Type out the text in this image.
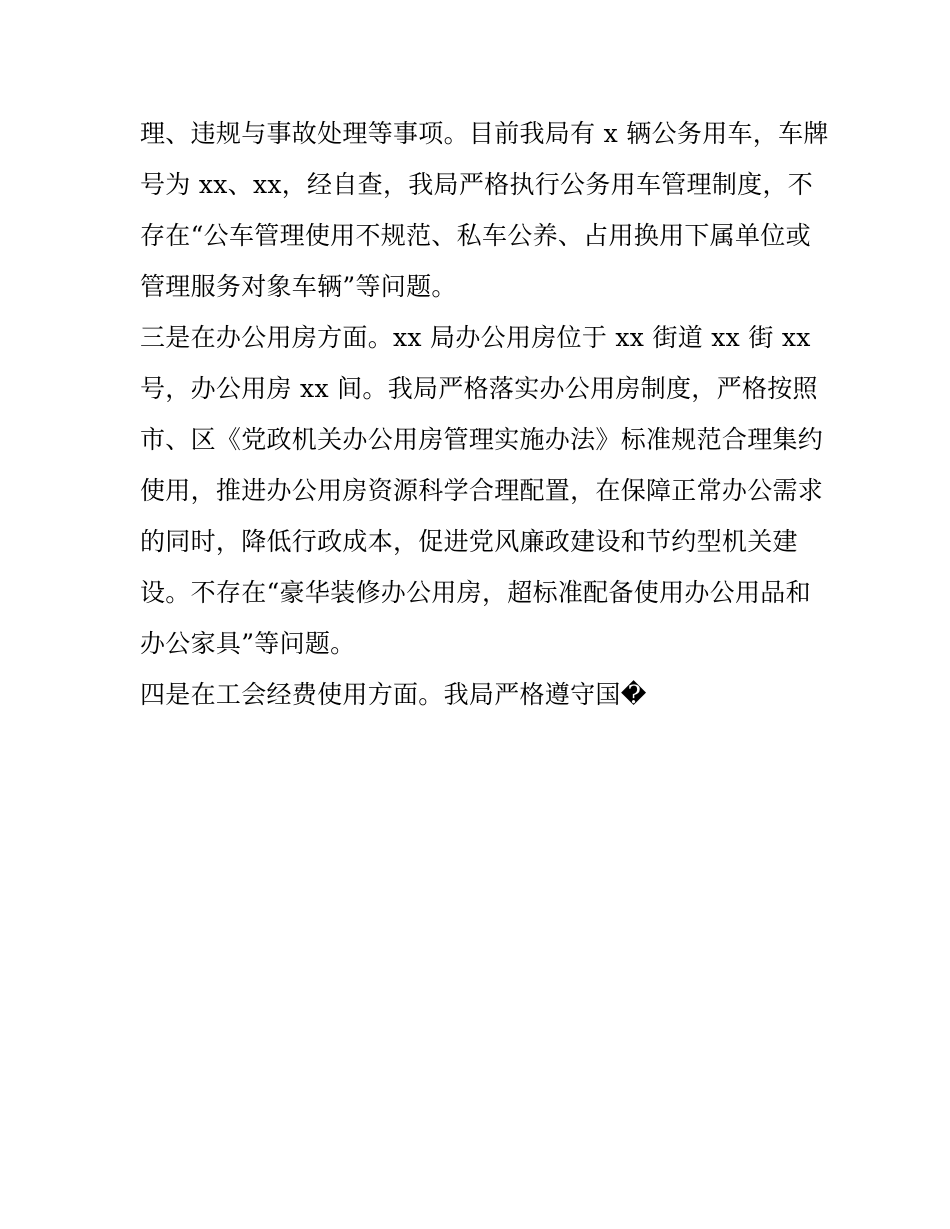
理、违规与事故处理等事项。目前我局有 x 辆公务用车，车牌
号为 xx、xx，经自查，我局严格执行公务用车管理制度，不
存在“公车管理使用不规范、私车公养、占用换用下属单位或
管理服务对象车辆”等问题。
三是在办公用房方面。xx 局办公用房位于 xx 街道 xx 街 xx
号，办公用房 xx 间。我局严格落实办公用房制度，严格按照
市、区《党政机关办公用房管理实施办法》标准规范合理集约
使用，推进办公用房资源科学合理配置，在保障正常办公需求
的同时，降低行政成本，促进党风廉政建设和节约型机关建
设。不存在“豪华装修办公用房，超标准配备使用办公用品和
办公家具”等问题。
四是在工会经费使用方面。我局严格遵守国�
